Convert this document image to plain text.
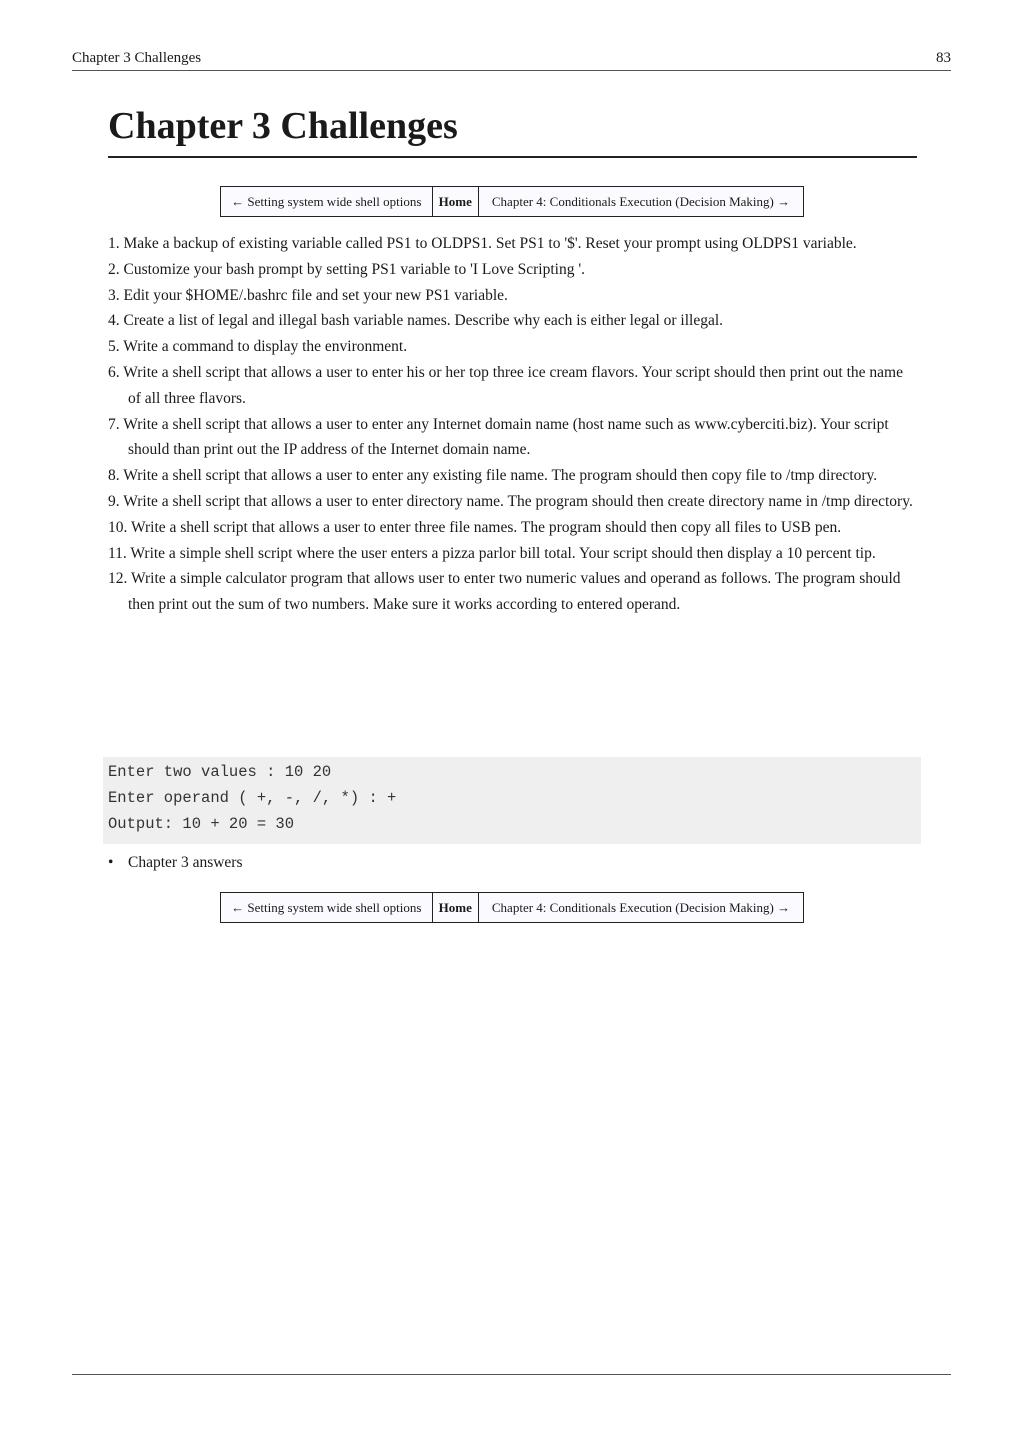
Chapter 3 Challenges	83
Chapter 3 Challenges
← Setting system wide shell options	Home	Chapter 4: Conditionals Execution (Decision Making) →
1. Make a backup of existing variable called PS1 to OLDPS1. Set PS1 to '$'. Reset your prompt using OLDPS1 variable.
2. Customize your bash prompt by setting PS1 variable to 'I Love Scripting '.
3. Edit your $HOME/.bashrc file and set your new PS1 variable.
4. Create a list of legal and illegal bash variable names. Describe why each is either legal or illegal.
5. Write a command to display the environment.
6. Write a shell script that allows a user to enter his or her top three ice cream flavors. Your script should then print out the name of all three flavors.
7. Write a shell script that allows a user to enter any Internet domain name (host name such as www.cyberciti.biz). Your script should than print out the IP address of the Internet domain name.
8. Write a shell script that allows a user to enter any existing file name. The program should then copy file to /tmp directory.
9. Write a shell script that allows a user to enter directory name. The program should then create directory name in /tmp directory.
10. Write a shell script that allows a user to enter three file names. The program should then copy all files to USB pen.
11. Write a simple shell script where the user enters a pizza parlor bill total. Your script should then display a 10 percent tip.
12. Write a simple calculator program that allows user to enter two numeric values and operand as follows. The program should then print out the sum of two numbers. Make sure it works according to entered operand.
Enter two values : 10 20
Enter operand ( +, -, /, *) : +
Output: 10 + 20 = 30
• Chapter 3 answers
← Setting system wide shell options	Home	Chapter 4: Conditionals Execution (Decision Making) →
